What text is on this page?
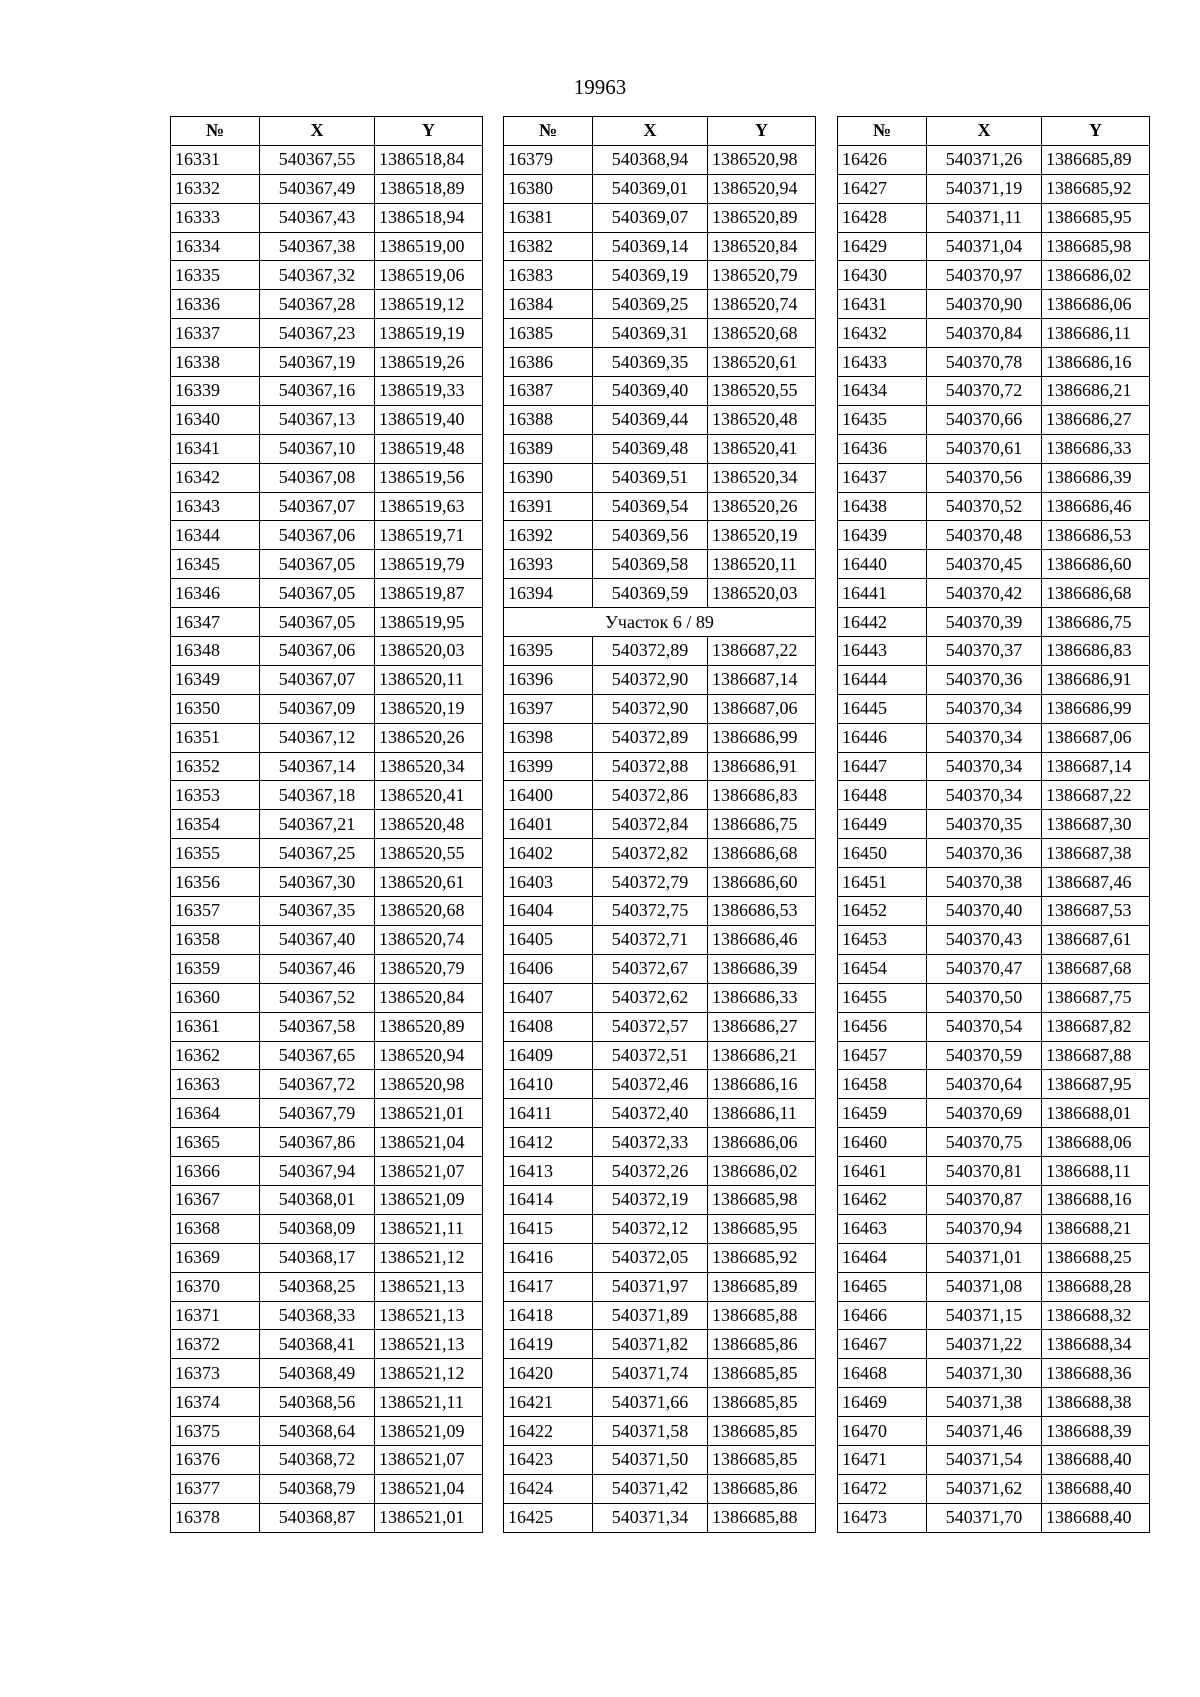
19963
№	X	Y
16331	540367,55	1386518,84
16332	540367,49	1386518,89
16333	540367,43	1386518,94
16334	540367,38	1386519,00
16335	540367,32	1386519,06
16336	540367,28	1386519,12
16337	540367,23	1386519,19
16338	540367,19	1386519,26
16339	540367,16	1386519,33
16340	540367,13	1386519,40
16341	540367,10	1386519,48
16342	540367,08	1386519,56
16343	540367,07	1386519,63
16344	540367,06	1386519,71
16345	540367,05	1386519,79
16346	540367,05	1386519,87
16347	540367,05	1386519,95
16348	540367,06	1386520,03
16349	540367,07	1386520,11
16350	540367,09	1386520,19
16351	540367,12	1386520,26
16352	540367,14	1386520,34
16353	540367,18	1386520,41
16354	540367,21	1386520,48
16355	540367,25	1386520,55
16356	540367,30	1386520,61
16357	540367,35	1386520,68
16358	540367,40	1386520,74
16359	540367,46	1386520,79
16360	540367,52	1386520,84
16361	540367,58	1386520,89
16362	540367,65	1386520,94
16363	540367,72	1386520,98
16364	540367,79	1386521,01
16365	540367,86	1386521,04
16366	540367,94	1386521,07
16367	540368,01	1386521,09
16368	540368,09	1386521,11
16369	540368,17	1386521,12
16370	540368,25	1386521,13
16371	540368,33	1386521,13
16372	540368,41	1386521,13
16373	540368,49	1386521,12
16374	540368,56	1386521,11
16375	540368,64	1386521,09
16376	540368,72	1386521,07
16377	540368,79	1386521,04
16378	540368,87	1386521,01
№	X	Y
16379	540368,94	1386520,98
16380	540369,01	1386520,94
16381	540369,07	1386520,89
16382	540369,14	1386520,84
16383	540369,19	1386520,79
16384	540369,25	1386520,74
16385	540369,31	1386520,68
16386	540369,35	1386520,61
16387	540369,40	1386520,55
16388	540369,44	1386520,48
16389	540369,48	1386520,41
16390	540369,51	1386520,34
16391	540369,54	1386520,26
16392	540369,56	1386520,19
16393	540369,58	1386520,11
16394	540369,59	1386520,03
Участок 6 / 89		
16395	540372,89	1386687,22
16396	540372,90	1386687,14
16397	540372,90	1386687,06
16398	540372,89	1386686,99
16399	540372,88	1386686,91
16400	540372,86	1386686,83
16401	540372,84	1386686,75
16402	540372,82	1386686,68
16403	540372,79	1386686,60
16404	540372,75	1386686,53
16405	540372,71	1386686,46
16406	540372,67	1386686,39
16407	540372,62	1386686,33
16408	540372,57	1386686,27
16409	540372,51	1386686,21
16410	540372,46	1386686,16
16411	540372,40	1386686,11
16412	540372,33	1386686,06
16413	540372,26	1386686,02
16414	540372,19	1386685,98
16415	540372,12	1386685,95
16416	540372,05	1386685,92
16417	540371,97	1386685,89
16418	540371,89	1386685,88
16419	540371,82	1386685,86
16420	540371,74	1386685,85
16421	540371,66	1386685,85
16422	540371,58	1386685,85
16423	540371,50	1386685,85
16424	540371,42	1386685,86
16425	540371,34	1386685,88
№	X	Y
16426	540371,26	1386685,89
16427	540371,19	1386685,92
16428	540371,11	1386685,95
16429	540371,04	1386685,98
16430	540370,97	1386686,02
16431	540370,90	1386686,06
16432	540370,84	1386686,11
16433	540370,78	1386686,16
16434	540370,72	1386686,21
16435	540370,66	1386686,27
16436	540370,61	1386686,33
16437	540370,56	1386686,39
16438	540370,52	1386686,46
16439	540370,48	1386686,53
16440	540370,45	1386686,60
16441	540370,42	1386686,68
16442	540370,39	1386686,75
16443	540370,37	1386686,83
16444	540370,36	1386686,91
16445	540370,34	1386686,99
16446	540370,34	1386687,06
16447	540370,34	1386687,14
16448	540370,34	1386687,22
16449	540370,35	1386687,30
16450	540370,36	1386687,38
16451	540370,38	1386687,46
16452	540370,40	1386687,53
16453	540370,43	1386687,61
16454	540370,47	1386687,68
16455	540370,50	1386687,75
16456	540370,54	1386687,82
16457	540370,59	1386687,88
16458	540370,64	1386687,95
16459	540370,69	1386688,01
16460	540370,75	1386688,06
16461	540370,81	1386688,11
16462	540370,87	1386688,16
16463	540370,94	1386688,21
16464	540371,01	1386688,25
16465	540371,08	1386688,28
16466	540371,15	1386688,32
16467	540371,22	1386688,34
16468	540371,30	1386688,36
16469	540371,38	1386688,38
16470	540371,46	1386688,39
16471	540371,54	1386688,40
16472	540371,62	1386688,40
16473	540371,70	1386688,40
